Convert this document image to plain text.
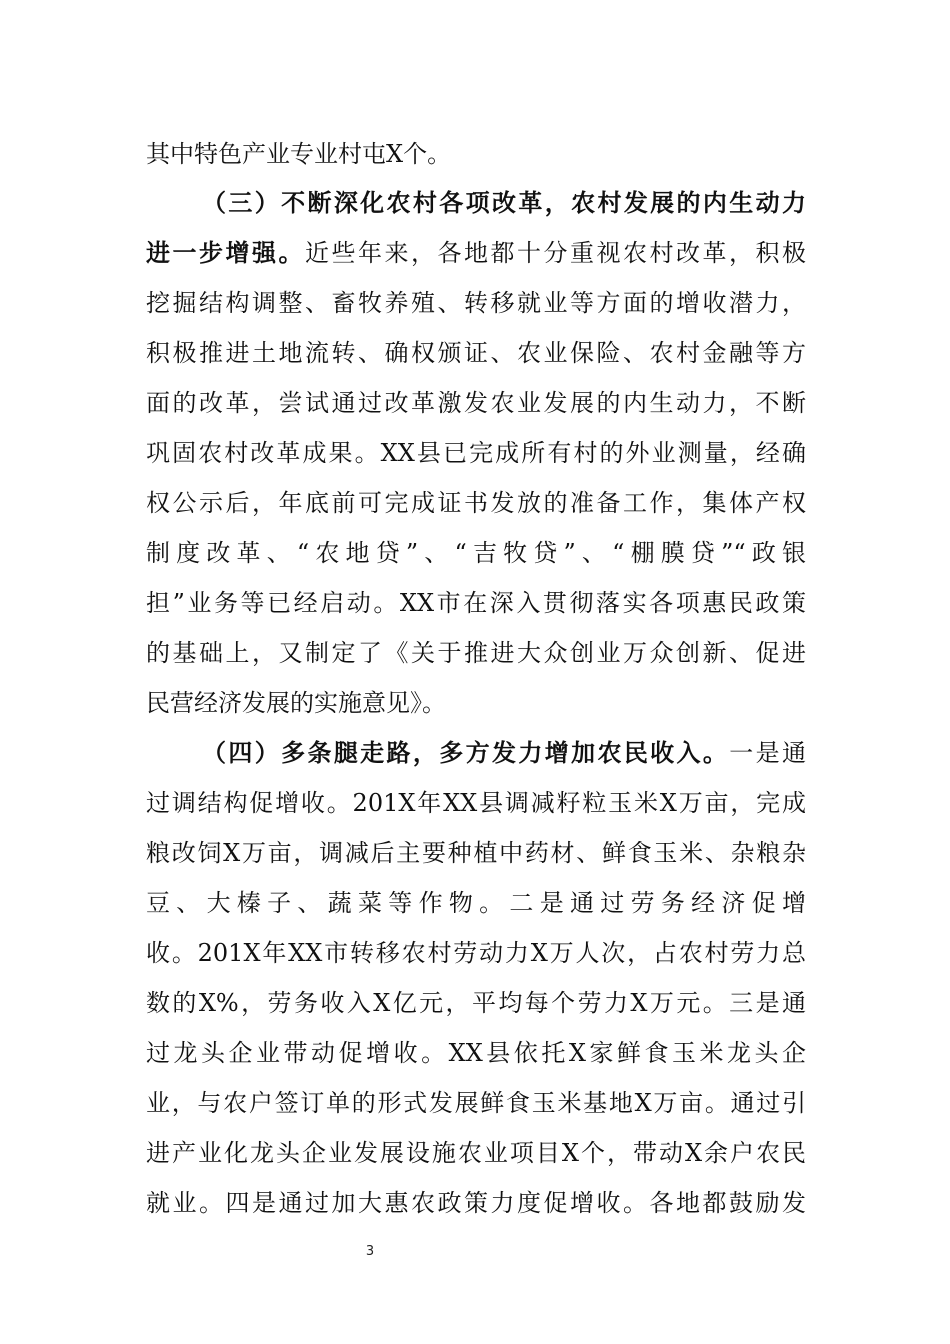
其中特色产业专业村屯X个。
（三）不断深化农村各项改革，农村发展的内生动力
进一步增强。近些年来，各地都十分重视农村改革，积极
挖掘结构调整、畜牧养殖、转移就业等方面的增收潜力，
积极推进土地流转、确权颁证、农业保险、农村金融等方
面的改革，尝试通过改革激发农业发展的内生动力，不断
巩固农村改革成果。XX县已完成所有村的外业测量，经确
权公示后，年底前可完成证书发放的准备工作，集体产权
制度改革、“农地贷”、“吉牧贷”、“棚膜贷”“政银
担”业务等已经启动。XX市在深入贯彻落实各项惠民政策
的基础上，又制定了《关于推进大众创业万众创新、促进
民营经济发展的实施意见》。
（四）多条腿走路，多方发力增加农民收入。一是通
过调结构促增收。201X年XX县调减籽粒玉米X万亩，完成
粮改饲X万亩，调减后主要种植中药材、鲜食玉米、杂粮杂
豆、大榛子、蔬菜等作物。二是通过劳务经济促增
收。201X年XX市转移农村劳动力X万人次，占农村劳力总
数的X%，劳务收入X亿元，平均每个劳力X万元。三是通
过龙头企业带动促增收。XX县依托X家鲜食玉米龙头企
业，与农户签订单的形式发展鲜食玉米基地X万亩。通过引
进产业化龙头企业发展设施农业项目X个，带动X余户农民
就业。四是通过加大惠农政策力度促增收。各地都鼓励发
3
